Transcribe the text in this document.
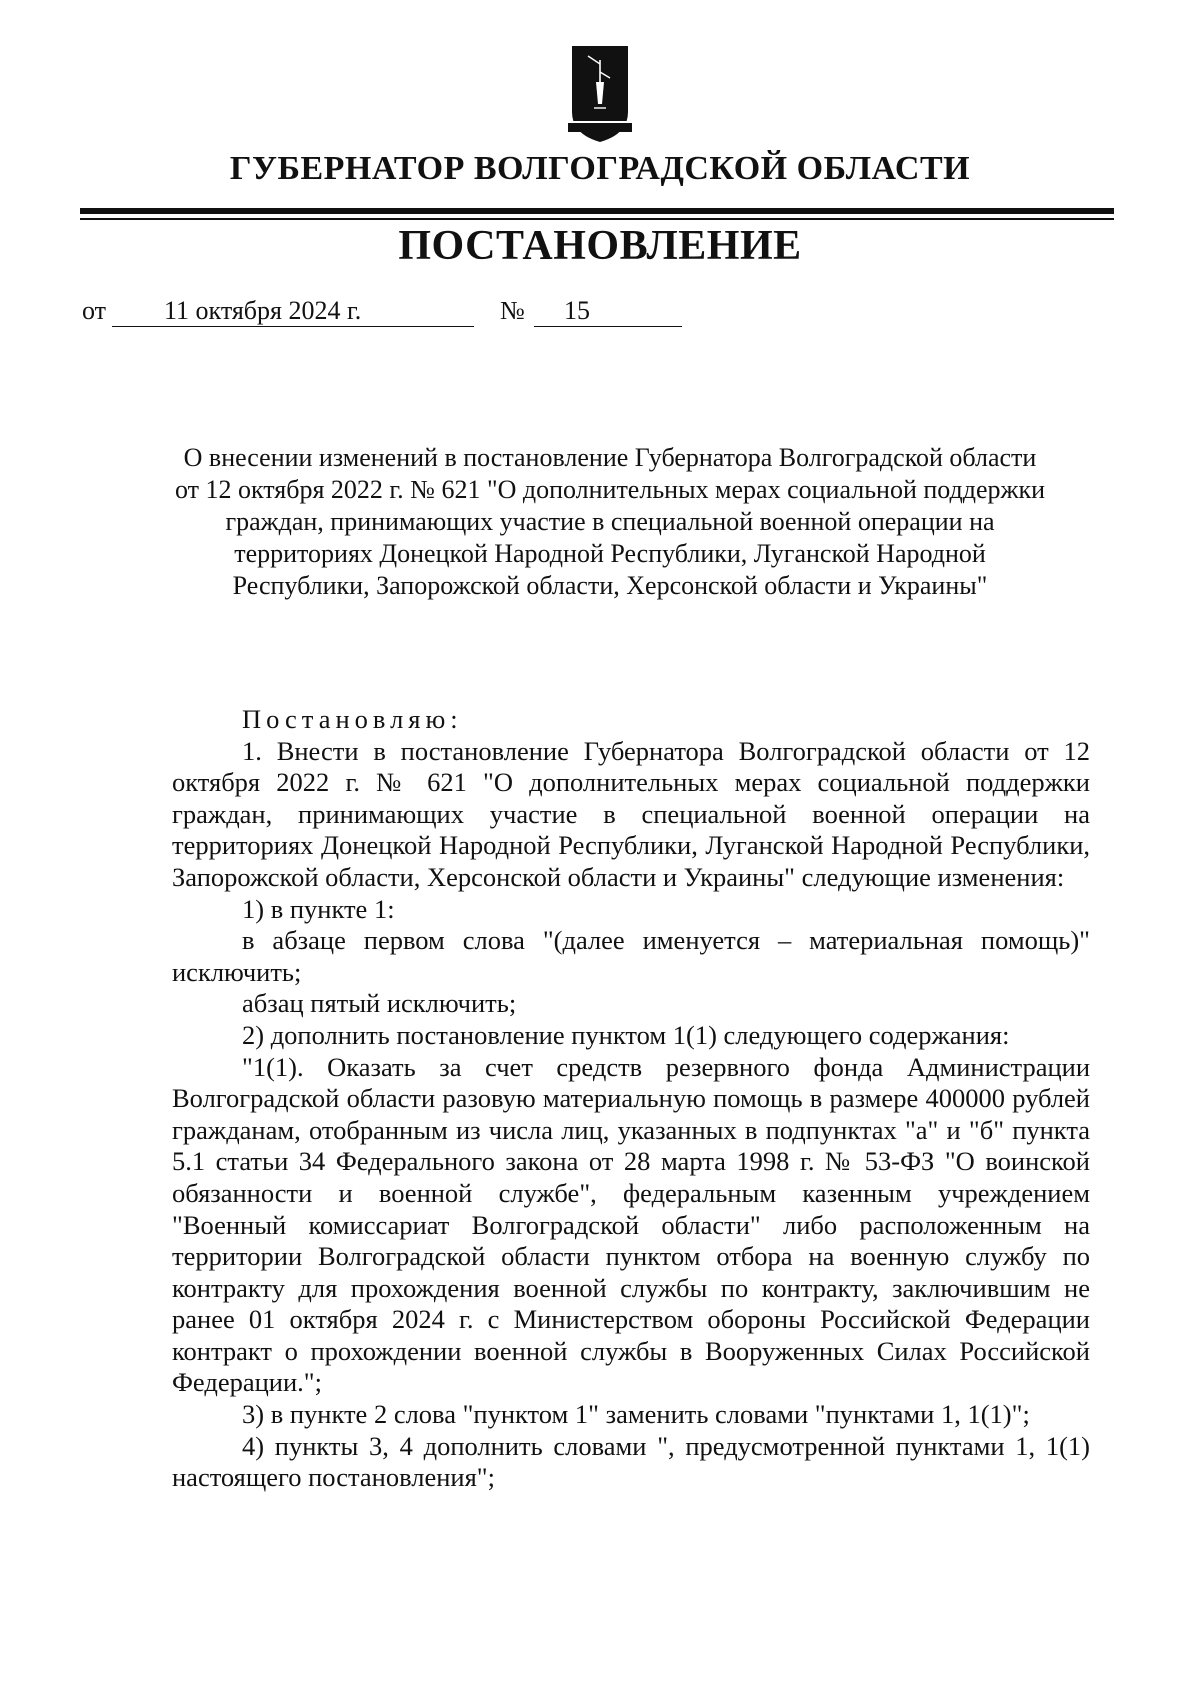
ГУБЕРНАТОР ВОЛГОГРАДСКОЙ ОБЛАСТИ
ПОСТАНОВЛЕНИЕ
от	11 октября 2024 г.	№	15
О внесении изменений в постановление Губернатора Волгоградской области от 12 октября 2022 г. № 621 "О дополнительных мерах социальной поддержки граждан, принимающих участие в специальной военной операции на территориях Донецкой Народной Республики, Луганской Народной Республики, Запорожской области, Херсонской области и Украины"

Постановляю:

1. Внести в постановление Губернатора Волгоградской области от 12 октября 2022 г. № 621 "О дополнительных мерах социальной поддержки граждан, принимающих участие в специальной военной операции на территориях Донецкой Народной Республики, Луганской Народной Республики, Запорожской области, Херсонской области и Украины" следующие изменения:

1) в пункте 1:

в абзаце первом слова "(далее именуется – материальная помощь)" исключить;

абзац пятый исключить;

2) дополнить постановление пунктом 1(1) следующего содержания:

"1(1). Оказать за счет средств резервного фонда Администрации Волгоградской области разовую материальную помощь в размере 400000 рублей гражданам, отобранным из числа лиц, указанных в подпунктах "а" и "б" пункта 5.1 статьи 34 Федерального закона от 28 марта 1998 г. № 53-ФЗ "О воинской обязанности и военной службе", федеральным казенным учреждением "Военный комиссариат Волгоградской области" либо расположенным на территории Волгоградской области пунктом отбора на военную службу по контракту для прохождения военной службы по контракту, заключившим не ранее 01 октября 2024 г. с Министерством обороны Российской Федерации контракт о прохождении военной службы в Вооруженных Силах Российской Федерации.";

3) в пункте 2 слова "пунктом 1" заменить словами "пунктами 1, 1(1)";

4) пункты 3, 4 дополнить словами ", предусмотренной пунктами 1, 1(1) настоящего постановления";
